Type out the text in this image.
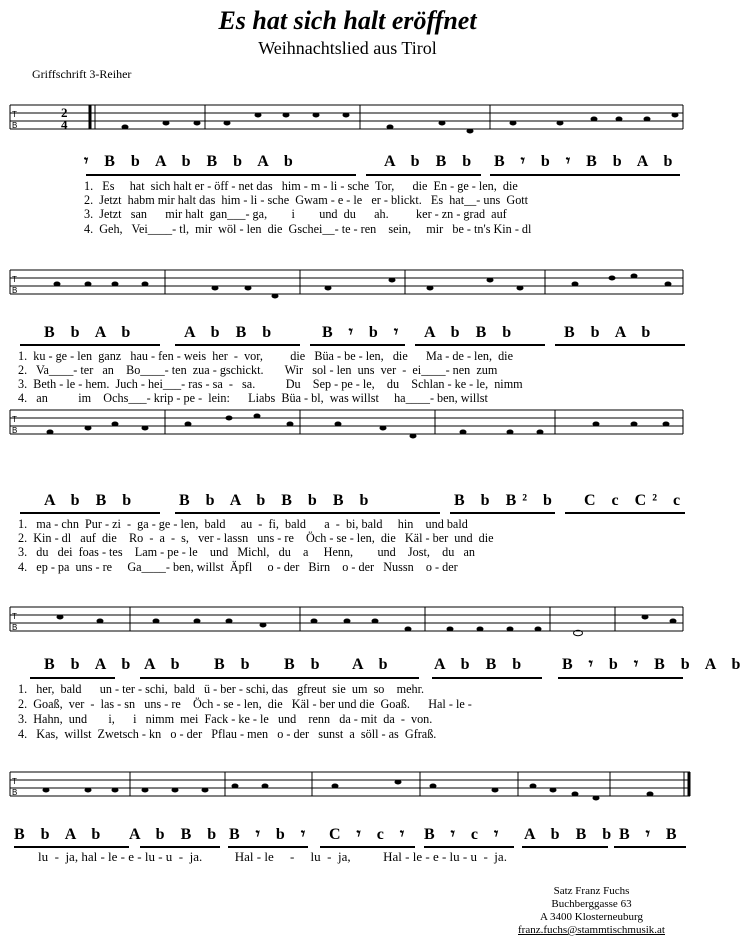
Es hat sich halt eröffnet
Weihnachtslied aus Tirol
Griffschrift 3-Reiher
T
B
2
4
𝄾 B b A b B b A b	A b B b B 𝄾 b 𝄾 B b A b
1.   Es     hat  sich halt er - öff - net das   him - m - li - sche  Tor,      die  En - ge - len,  die
2.  Jetzt  habm mir halt das  him - li - sche  Gwam - e - le   er - blickt.   Es  hat__- uns  Gott
3.  Jetzt   san      mir halt  gan___- ga,        i        und  du      ah.         ker - zn - grad  auf
4.  Geh,   Vei____- tl,  mir  wöl - len  die  Gschei__- te - ren    sein,     mir   be - tn's Kin - dl
T
B
B b A b	A b B b	B 𝄾 b 𝄾 A b B b	B b A b
1.  ku - ge - len  ganz   hau - fen - weis  her  -  vor,         die   Büa - be - len,   die      Ma - de - len,  die
2.   Va____- ter   an    Bo____- ten  zua - gschickt.       Wir   sol - len  uns  ver  -  ei____- nen  zum
3.  Beth - le - hem.  Juch - hei___- ras - sa  -   sa.          Du    Sep - pe - le,    du    Schlan - ke - le,  nimm
4.   an          im    Ochs___- krip - pe -  lein:      Liabs  Büa - bl,  was willst     ha____- ben, willst
T
B
A b B b	B b A b B b B b	B b B² b C c C² c
1.   ma - chn  Pur - zi  -  ga - ge - len,  bald     au  -  fi,  bald      a  -  bi, bald     hin    und bald
2.  Kin - dl   auf  die    Ro  -  a  -  s,   ver - lassn   uns - re    Öch - se - len,  die   Käl - ber  und  die
3.   du   dei  foas - tes    Lam - pe - le    und   Michl,   du    a     Henn,        und    Jost,    du   an
4.   ep - pa  uns - re     Ga____- ben, willst  Äpfl     o - der   Birn    o - der   Nussn    o - der
T
B
B b A b A b B b B b A b	A b B b B 𝄾 b 𝄾 B b A b
1.   her,  bald      un - ter - schi,  bald   ü - ber - schi, das   gfreut  sie  um  so    mehr.
2.  Goaß,  ver  -  las - sn   uns - re    Öch - se - len,  die   Käl - ber und die  Goaß.      Hal - le -
3.  Hahn,  und       i,      i   nimm  mei  Fack - ke - le   und    renn   da - mit  da  -  von.
4.   Kas,  willst  Zwetsch - kn   o - der   Pflau - men   o - der   sunst  a  söll - as  Gfraß.
T
B
B b A b A b B b B 𝄾 b 𝄾 C 𝄾 c 𝄾 B 𝄾 c 𝄾 A b B b B 𝄾 B
lu  -  ja, hal - le - e - lu - u  -  ja.          Hal - le     -     lu  -  ja,          Hal - le - e - lu - u  -  ja.
Satz Franz Fuchs
Buchberggasse 63
A 3400 Klosterneuburg
franz.fuchs@stammtischmusik.at
